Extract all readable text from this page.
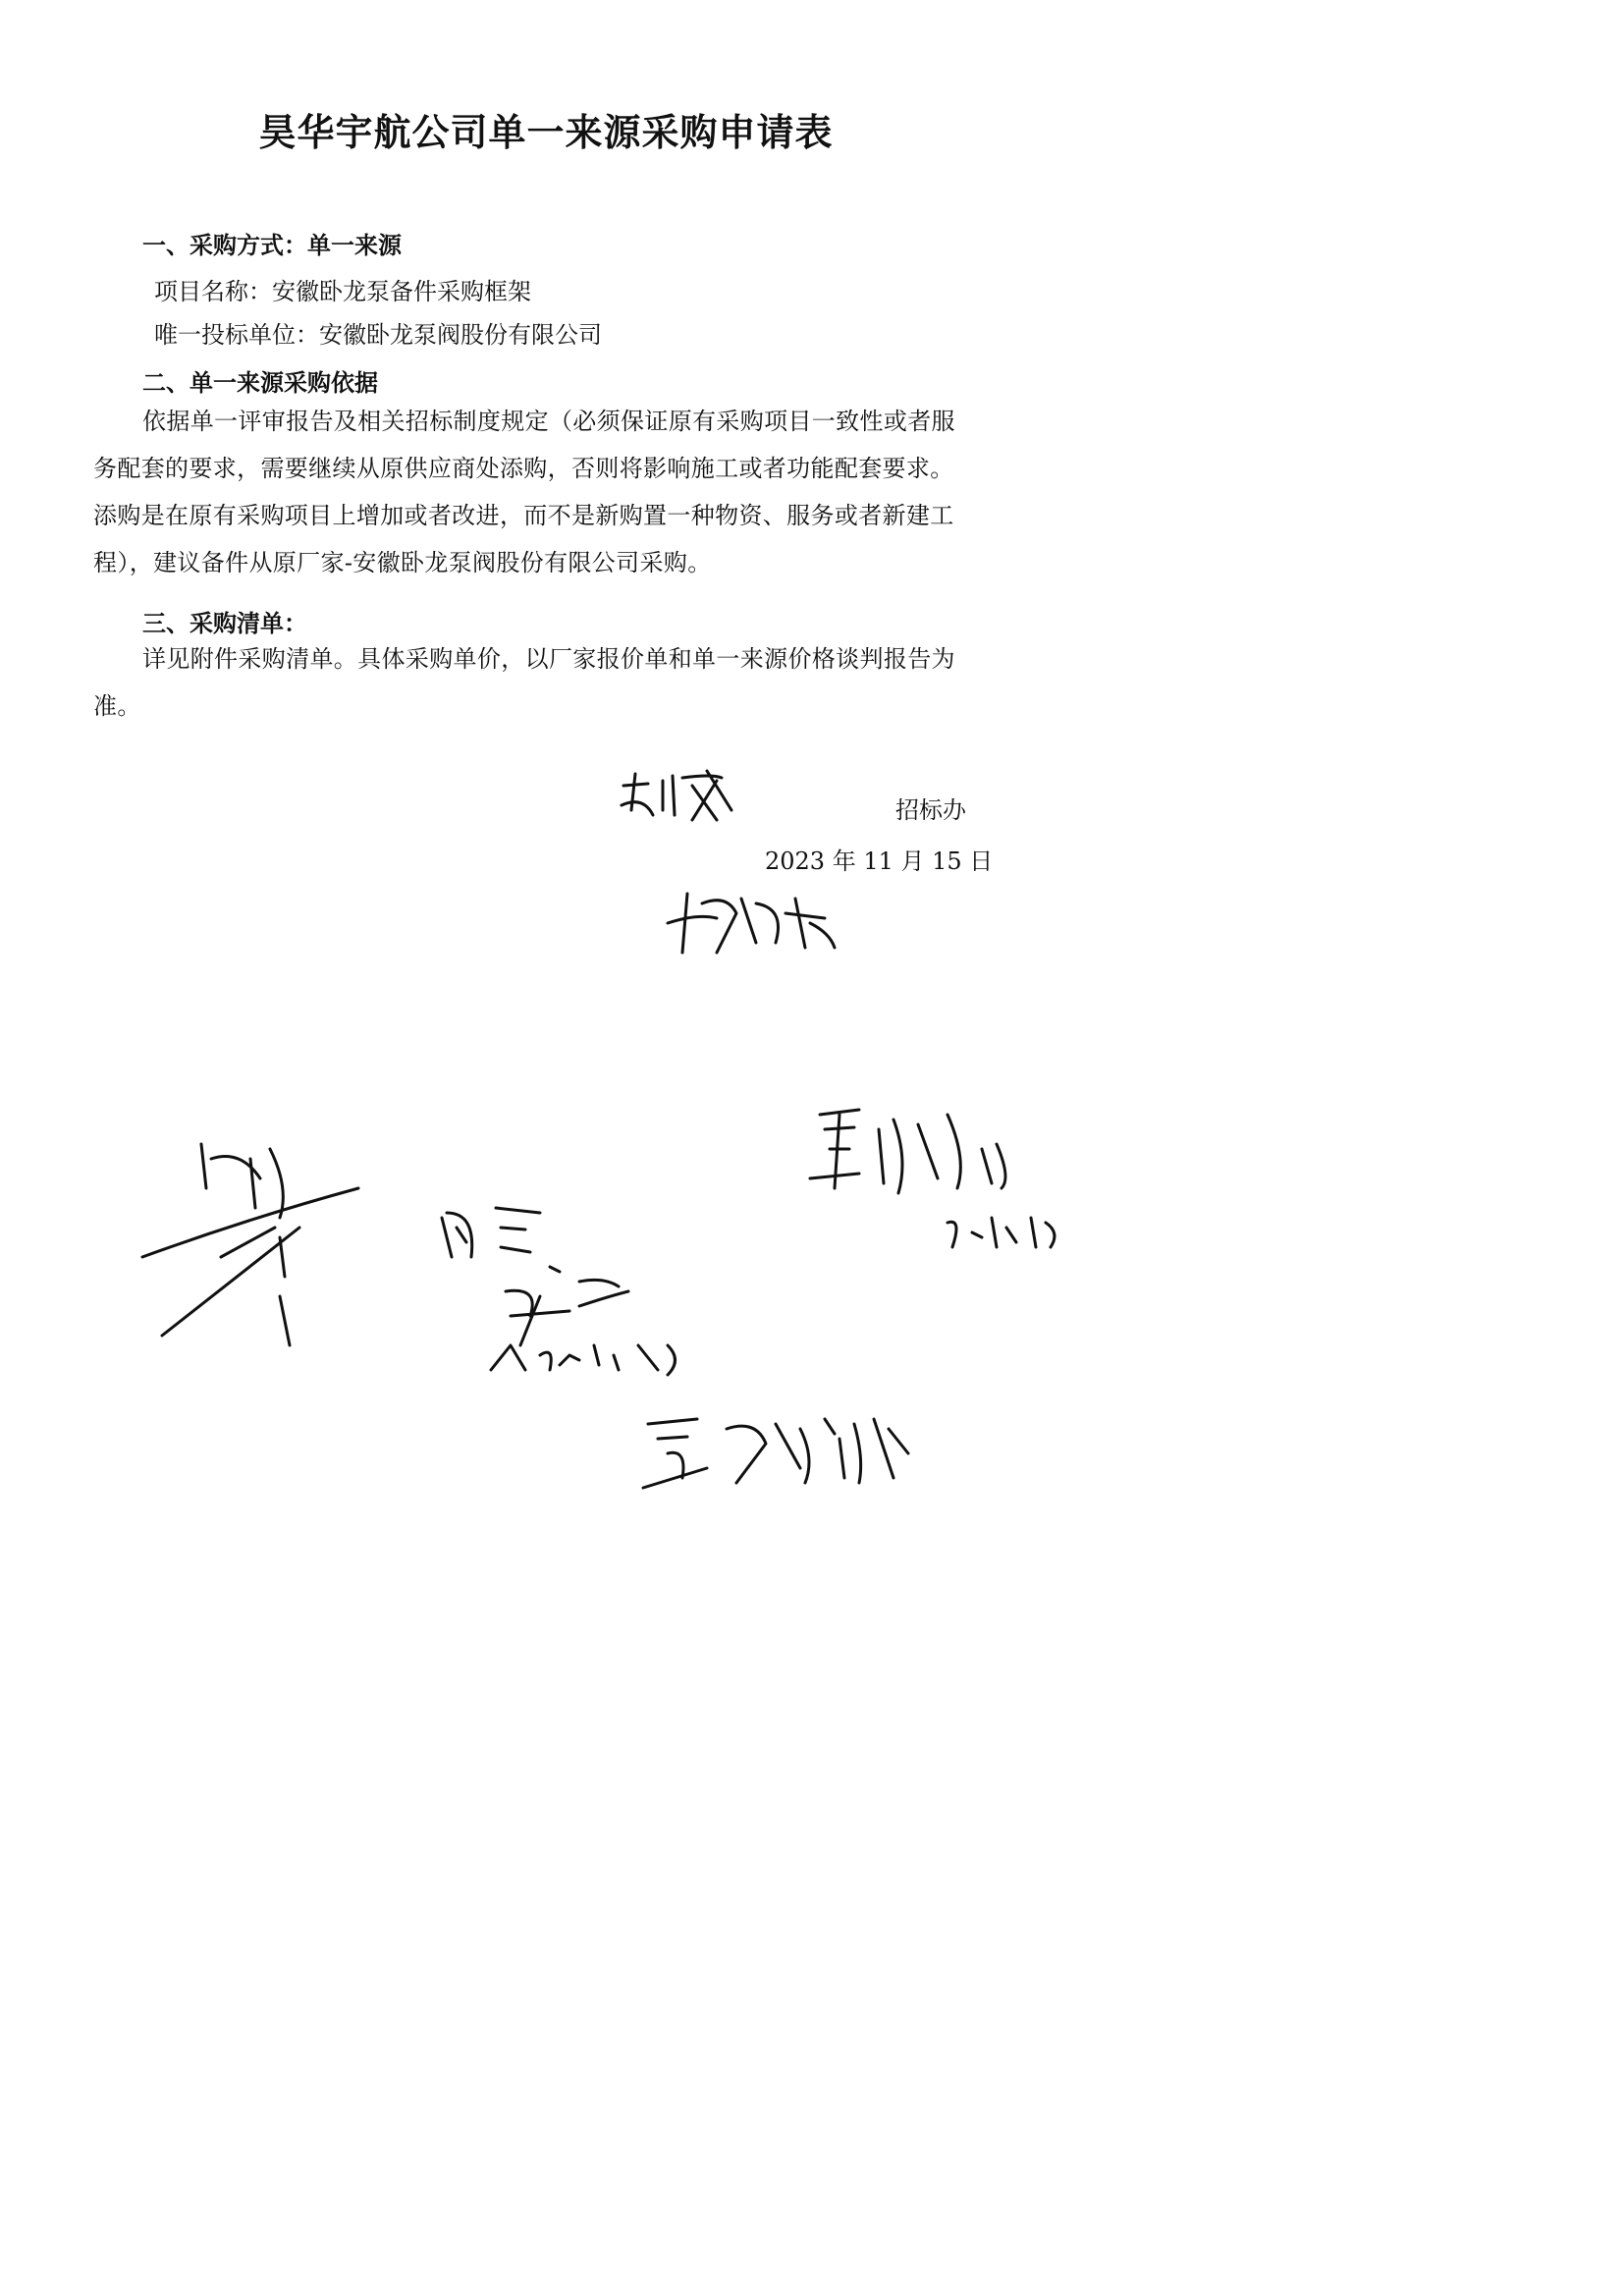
昊华宇航公司单一来源采购申请表
一、采购方式：单一来源
项目名称：安徽卧龙泵备件采购框架
唯一投标单位：安徽卧龙泵阀股份有限公司
二、单一来源采购依据

依据单一评审报告及相关招标制度规定（必须保证原有采购项目一致性或者服务配套的要求，需要继续从原供应商处添购，否则将影响施工或者功能配套要求。添购是在原有采购项目上增加或者改进，而不是新购置一种物资、服务或者新建工程），建议备件从原厂家-安徽卧龙泵阀股份有限公司采购。

三、采购清单：

详见附件采购清单。具体采购单价，以厂家报价单和单一来源价格谈判报告为准。

招标办
2023 年 11 月 15 日
